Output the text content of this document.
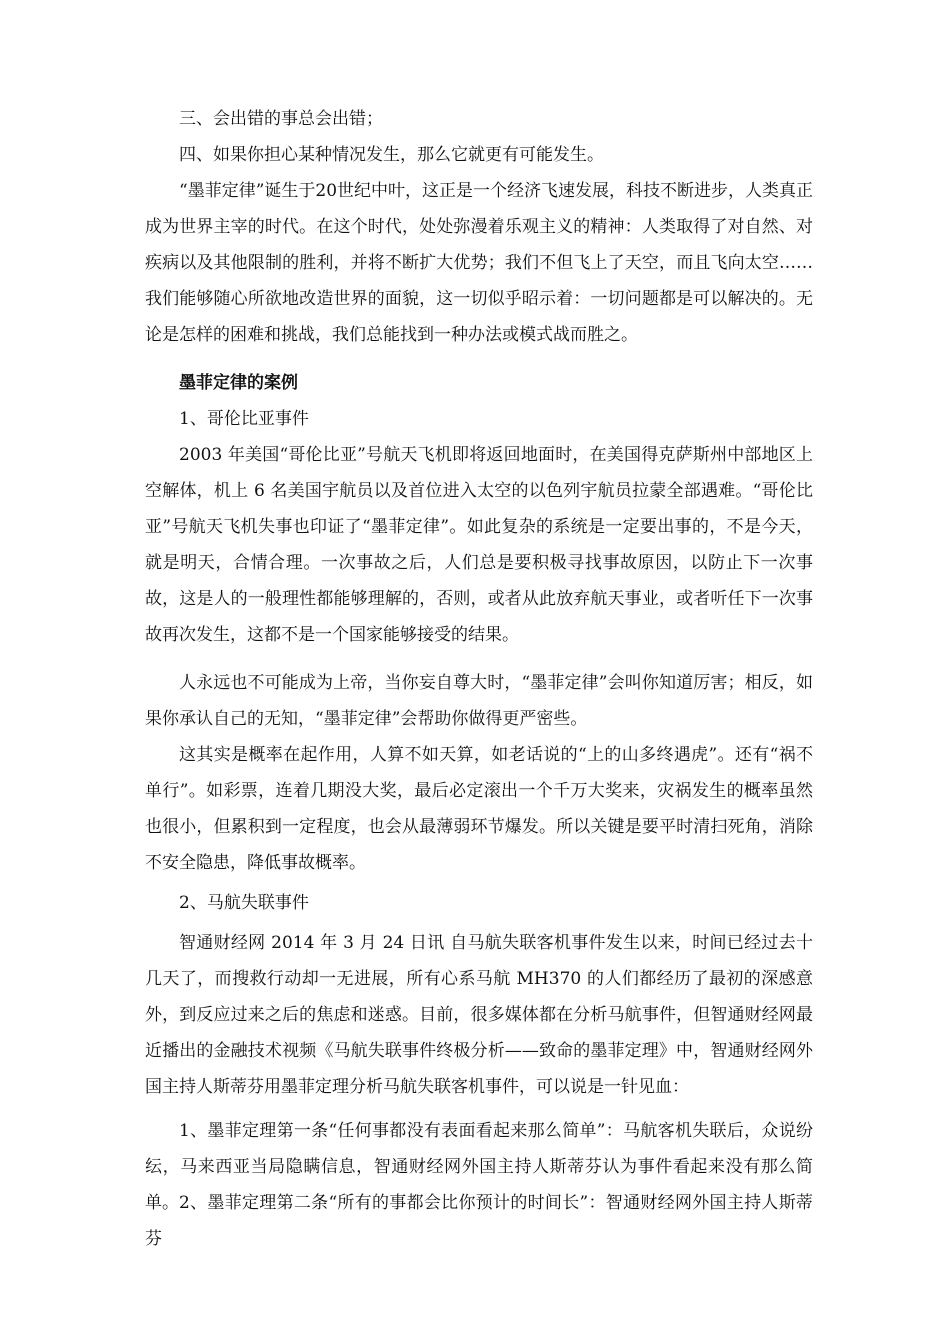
三、会出错的事总会出错；
四、如果你担心某种情况发生，那么它就更有可能发生。

“墨菲定律”诞生于20世纪中叶，这正是一个经济飞速发展，科技不断进步，人类真正成为世界主宰的时代。在这个时代，处处弥漫着乐观主义的精神：人类取得了对自然、对疾病以及其他限制的胜利，并将不断扩大优势；我们不但飞上了天空，而且飞向太空……我们能够随心所欲地改造世界的面貌，这一切似乎昭示着：一切问题都是可以解决的。无论是怎样的困难和挑战，我们总能找到一种办法或模式战而胜之。

墨菲定律的案例
1、哥伦比亚事件

2003 年美国“哥伦比亚”号航天飞机即将返回地面时，在美国得克萨斯州中部地区上空解体，机上 6 名美国宇航员以及首位进入太空的以色列宇航员拉蒙全部遇难。“哥伦比亚”号航天飞机失事也印证了“墨菲定律”。如此复杂的系统是一定要出事的，不是今天，就是明天，合情合理。一次事故之后，人们总是要积极寻找事故原因，以防止下一次事故，这是人的一般理性都能够理解的，否则，或者从此放弃航天事业，或者听任下一次事故再次发生，这都不是一个国家能够接受的结果。

人永远也不可能成为上帝，当你妄自尊大时，“墨菲定律”会叫你知道厉害；相反，如果你承认自己的无知，“墨菲定律”会帮助你做得更严密些。

这其实是概率在起作用，人算不如天算，如老话说的“上的山多终遇虎”。还有“祸不单行”。如彩票，连着几期没大奖，最后必定滚出一个千万大奖来，灾祸发生的概率虽然也很小，但累积到一定程度，也会从最薄弱环节爆发。所以关键是要平时清扫死角，消除不安全隐患，降低事故概率。

2、马航失联事件

智通财经网 2014 年 3 月 24 日讯 自马航失联客机事件发生以来，时间已经过去十几天了，而搜救行动却一无进展，所有心系马航 MH370 的人们都经历了最初的深感意外，到反应过来之后的焦虑和迷惑。目前，很多媒体都在分析马航事件，但智通财经网最近播出的金融技术视频《马航失联事件终极分析——致命的墨菲定理》中，智通财经网外国主持人斯蒂芬用墨菲定理分析马航失联客机事件，可以说是一针见血：

1、墨菲定理第一条“任何事都没有表面看起来那么简单”：马航客机失联后，众说纷纭，马来西亚当局隐瞒信息，智通财经网外国主持人斯蒂芬认为事件看起来没有那么简单。 2、墨菲定理第二条“所有的事都会比你预计的时间长”：智通财经网外国主持人斯蒂芬
